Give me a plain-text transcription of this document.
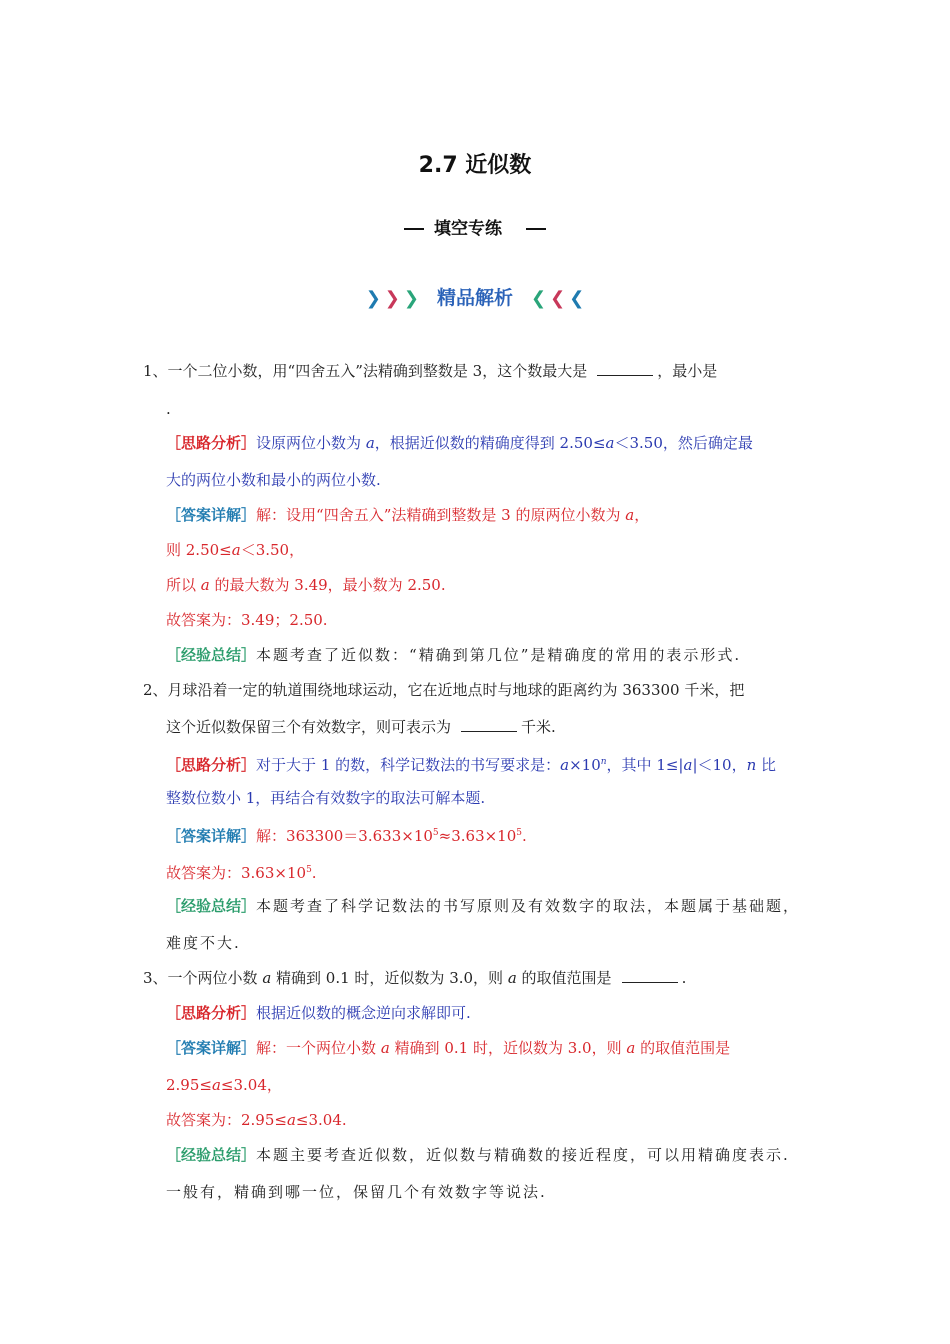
2.7 近似数
填空专练
❯ ❯ ❯ 精品解析 ❮ ❮ ❮
1、一个二位小数，用“四舍五入”法精确到整数是 3，这个数最大是	，最小是
.
［思路分析］设原两位小数为 a，根据近似数的精确度得到 2.50≤a＜3.50，然后确定最
大的两位小数和最小的两位小数.
［答案详解］解：设用“四舍五入”法精确到整数是 3 的原两位小数为 a，
则 2.50≤a＜3.50，
所以 a 的最大数为 3.49，最小数为 2.50.
故答案为：3.49；2.50.
［经验总结］本题考查了近似数：“精确到第几位”是精确度的常用的表示形式.
2、月球沿着一定的轨道围绕地球运动，它在近地点时与地球的距离约为 363300 千米，把
这个近似数保留三个有效数字，则可表示为	千米.
［思路分析］对于大于 1 的数，科学记数法的书写要求是：$a\times 10^n$，其中 1≤|a|＜10，n 比
整数位数小 1，再结合有效数字的取法可解本题.
［答案详解］解：$363300=3.633\times 10^5\approx 3.63\times 10^5$.
故答案为：$3.63\times 10^5$.
［经验总结］本题考查了科学记数法的书写原则及有效数字的取法，本题属于基础题，
难度不大.
3、一个两位小数 a 精确到 0.1 时，近似数为 3.0，则 a 的取值范围是	.
［思路分析］根据近似数的概念逆向求解即可.
［答案详解］解：一个两位小数 a 精确到 0.1 时，近似数为 3.0，则 a 的取值范围是
2.95≤a≤3.04，
故答案为：2.95≤a≤3.04.
［经验总结］本题主要考查近似数，近似数与精确数的接近程度，可以用精确度表示.
一般有，精确到哪一位，保留几个有效数字等说法.
